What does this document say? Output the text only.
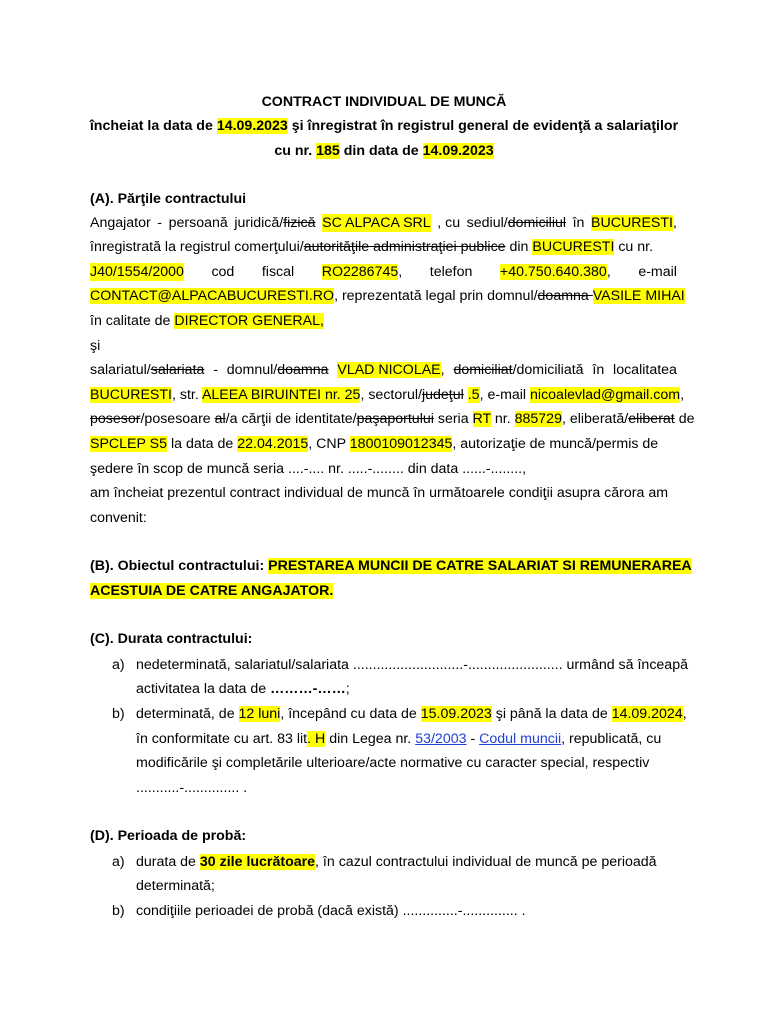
CONTRACT INDIVIDUAL DE MUNCĂ
încheiat la data de 14.09.2023 şi înregistrat în registrul general de evidenţă a salariaţilor
cu nr. 185 din data de 14.09.2023
(A). Părţile contractului
Angajator - persoană juridică/fizică SC ALPACA SRL , cu sediul/domiciliul în BUCURESTI,
înregistrată la registrul comerţului/autorităţile administraţiei publice din BUCURESTI cu nr.
J40/1554/2000 cod fiscal RO2286745, telefon +40.750.640.380, e-mail
CONTACT@ALPACABUCURESTI.RO, reprezentată legal prin domnul/doamna VASILE MIHAI
în calitate de DIRECTOR GENERAL,
şi
salariatul/salariata - domnul/doamna VLAD NICOLAE, domiciliat/domiciliată în localitatea
BUCURESTI, str. ALEEA BIRUINTEI nr. 25, sectorul/judeţul .5, e-mail nicoalevlad@gmail.com,
posesor/posesoare al/a cărţii de identitate/paşaportului seria RT nr. 885729, eliberată/eliberat de
SPCLEP S5 la data de 22.04.2015, CNP 1800109012345, autorizaţie de muncă/permis de
şedere în scop de muncă seria ....-.... nr. .....-........ din data ......-........,
am încheiat prezentul contract individual de muncă în următoarele condiţii asupra cărora am
convenit:
(B). Obiectul contractului: PRESTAREA MUNCII DE CATRE SALARIAT SI REMUNERAREA
ACESTUIA DE CATRE ANGAJATOR.
(C). Durata contractului:
a) nedeterminată, salariatul/salariata ............................-........................ urmând să înceapă
activitatea la data de ………-……;
b) determinată, de 12 luni, începând cu data de 15.09.2023 şi până la data de 14.09.2024,
în conformitate cu art. 83 lit. H din Legea nr. 53/2003 - Codul muncii, republicată, cu
modificările şi completările ulterioare/acte normative cu caracter special, respectiv
...........-.............. .
(D). Perioada de probă:
a) durata de 30 zile lucrătoare, în cazul contractului individual de muncă pe perioadă
determinată;
b) condiţiile perioadei de probă (dacă există) ..............-.............. .
